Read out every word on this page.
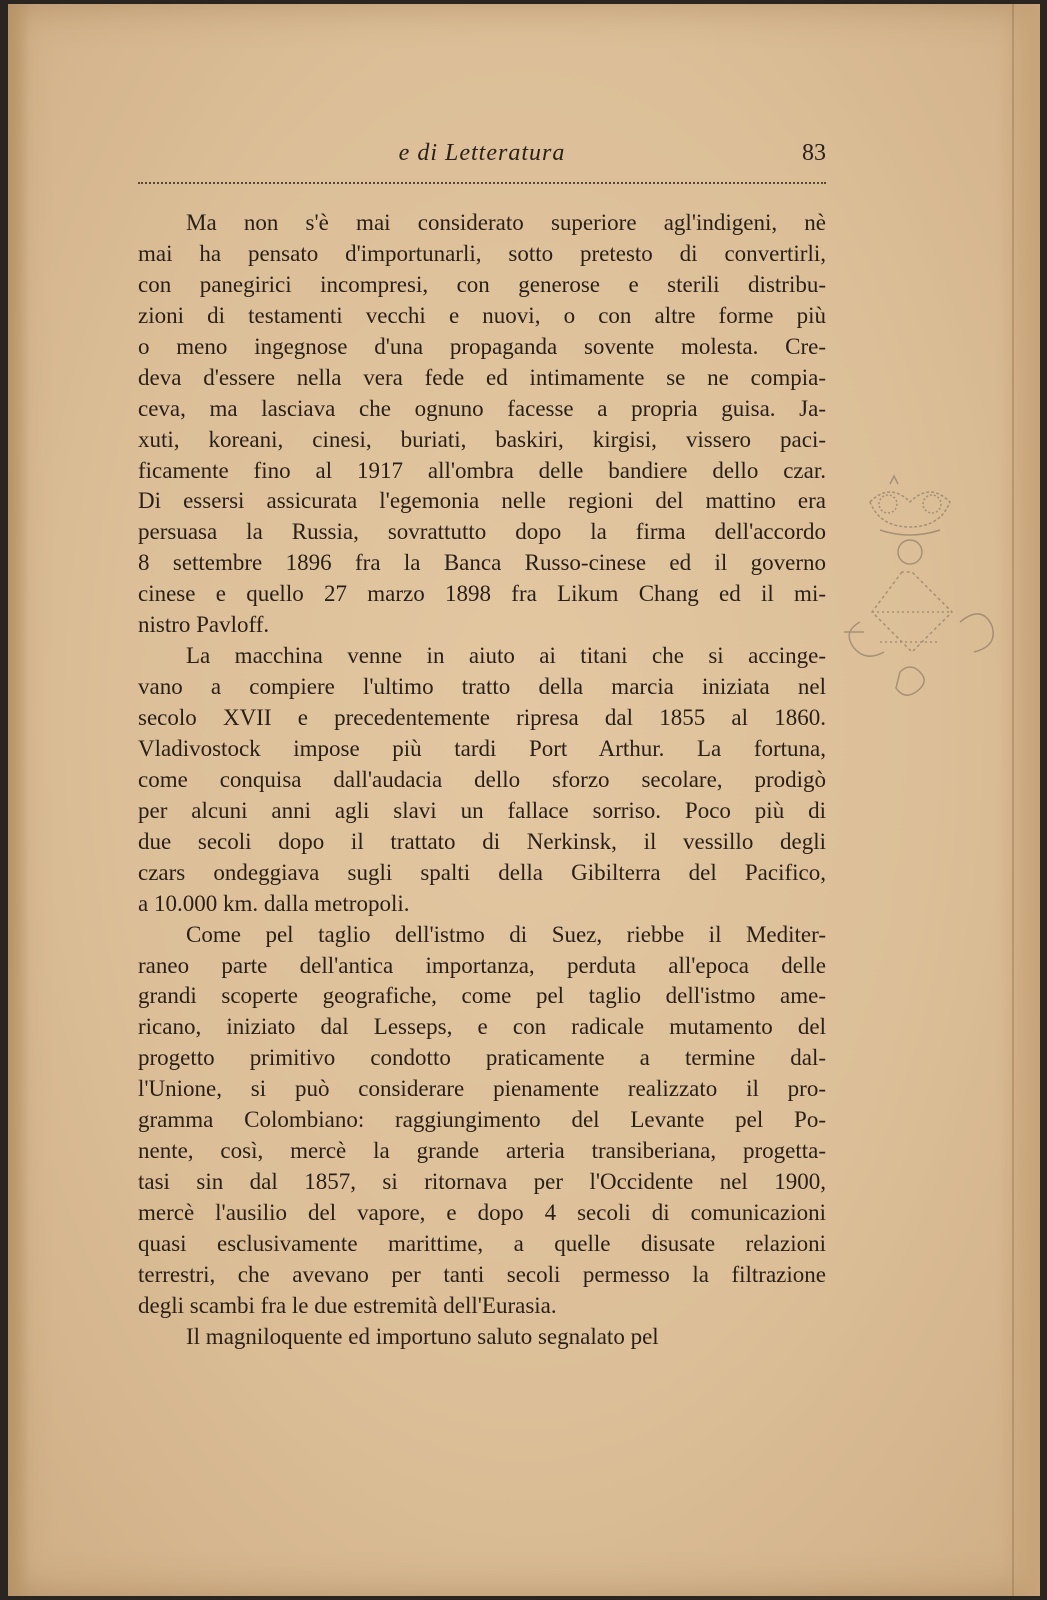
e di Letteratura	83
Ma non s'è mai considerato superiore agl'indigeni, nè
mai ha pensato d'importunarli, sotto pretesto di convertirli,
con panegirici incompresi, con generose e sterili distribu-
zioni di testamenti vecchi e nuovi, o con altre forme più
o meno ingegnose d'una propaganda sovente molesta. Cre-
deva d'essere nella vera fede ed intimamente se ne compia-
ceva, ma lasciava che ognuno facesse a propria guisa. Ja-
xuti, koreani, cinesi, buriati, baskiri, kirgisi, vissero paci-
ficamente fino al 1917 all'ombra delle bandiere dello czar.
Di essersi assicurata l'egemonia nelle regioni del mattino era
persuasa la Russia, sovrattutto dopo la firma dell'accordo
8 settembre 1896 fra la Banca Russo-cinese ed il governo
cinese e quello 27 marzo 1898 fra Likum Chang ed il mi-
nistro Pavloff.
La macchina venne in aiuto ai titani che si accinge-
vano a compiere l'ultimo tratto della marcia iniziata nel
secolo XVII e precedentemente ripresa dal 1855 al 1860.
Vladivostock impose più tardi Port Arthur. La fortuna,
come conquisa dall'audacia dello sforzo secolare, prodigò
per alcuni anni agli slavi un fallace sorriso. Poco più di
due secoli dopo il trattato di Nerkinsk, il vessillo degli
czars ondeggiava sugli spalti della Gibilterra del Pacifico,
a 10.000 km. dalla metropoli.
Come pel taglio dell'istmo di Suez, riebbe il Mediter-
raneo parte dell'antica importanza, perduta all'epoca delle
grandi scoperte geografiche, come pel taglio dell'istmo ame-
ricano, iniziato dal Lesseps, e con radicale mutamento del
progetto primitivo condotto praticamente a termine dal-
l'Unione, si può considerare pienamente realizzato il pro-
gramma Colombiano: raggiungimento del Levante pel Po-
nente, così, mercè la grande arteria transiberiana, progetta-
tasi sin dal 1857, si ritornava per l'Occidente nel 1900,
mercè l'ausilio del vapore, e dopo 4 secoli di comunicazioni
quasi esclusivamente marittime, a quelle disusate relazioni
terrestri, che avevano per tanti secoli permesso la filtrazione
degli scambi fra le due estremità dell'Eurasia.
Il magniloquente ed importuno saluto segnalato pel
